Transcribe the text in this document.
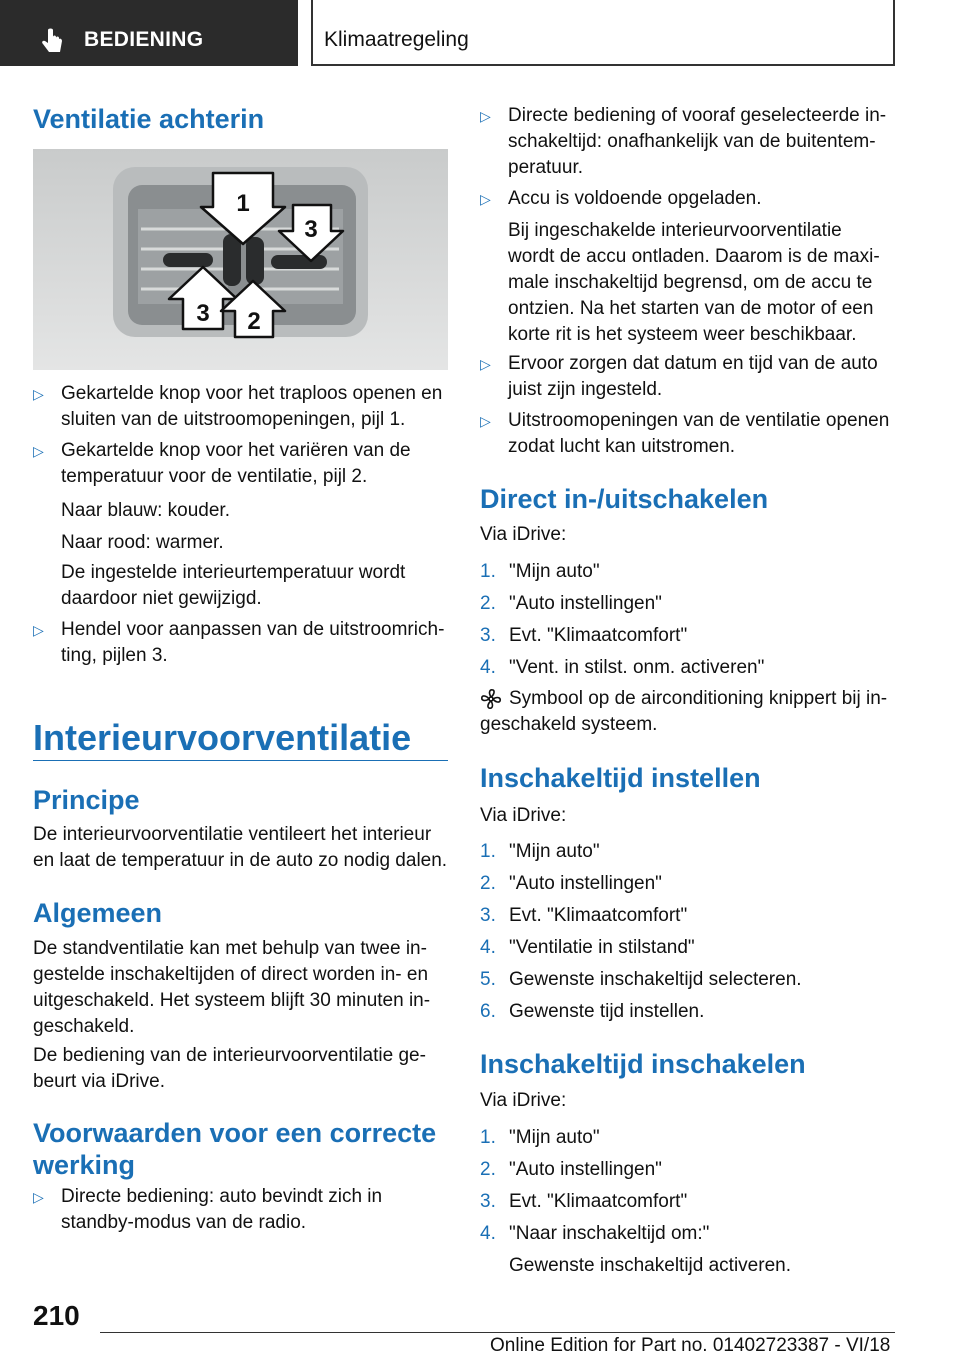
BEDIENING	Klimaatregeling
Ventilatie achterin
1
2
3
3
▷ Gekartelde knop voor het traploos openen en sluiten van de uitstroomopeningen, pijl 1.
▷ Gekartelde knop voor het variëren van de temperatuur voor de ventilatie, pijl 2.
Naar blauw: kouder.
Naar rood: warmer.
De ingestelde interieurtemperatuur wordt daardoor niet gewijzigd.
▷ Hendel voor aanpassen van de uitstroomrichting, pijlen 3.
Interieurvoorventilatie
Principe
De interieurvoorventilatie ventileert het interieur en laat de temperatuur in de auto zo nodig dalen.
Algemeen
De standventilatie kan met behulp van twee ingestelde inschakeltijden of direct worden in- en uitgeschakeld. Het systeem blijft 30 minuten ingeschakeld.
De bediening van de interieurvoorventilatie gebeurt via iDrive.
Voorwaarden voor een correcte werking
▷ Directe bediening: auto bevindt zich in standby-modus van de radio.
▷ Directe bediening of vooraf geselecteerde inschakeltijd: onafhankelijk van de buitentemperatuur.
▷ Accu is voldoende opgeladen.
Bij ingeschakelde interieurvoorventilatie wordt de accu ontladen. Daarom is de maximale inschakeltijd begrensd, om de accu te ontzien. Na het starten van de motor of een korte rit is het systeem weer beschikbaar.
▷ Ervoor zorgen dat datum en tijd van de auto juist zijn ingesteld.
▷ Uitstroomopeningen van de ventilatie openen zodat lucht kan uitstromen.
Direct in-/uitschakelen
Via iDrive:
1. "Mijn auto"
2. "Auto instellingen"
3. Evt. "Klimaatcomfort"
4. "Vent. in stilst. onm. activeren"
Symbool op de airconditioning knippert bij ingeschakeld systeem.
Inschakeltijd instellen
Via iDrive:
1. "Mijn auto"
2. "Auto instellingen"
3. Evt. "Klimaatcomfort"
4. "Ventilatie in stilstand"
5. Gewenste inschakeltijd selecteren.
6. Gewenste tijd instellen.
Inschakeltijd inschakelen
Via iDrive:
1. "Mijn auto"
2. "Auto instellingen"
3. Evt. "Klimaatcomfort"
4. "Naar inschakeltijd om:"
Gewenste inschakeltijd activeren.
210
Online Edition for Part no. 01402723387 - VI/18
